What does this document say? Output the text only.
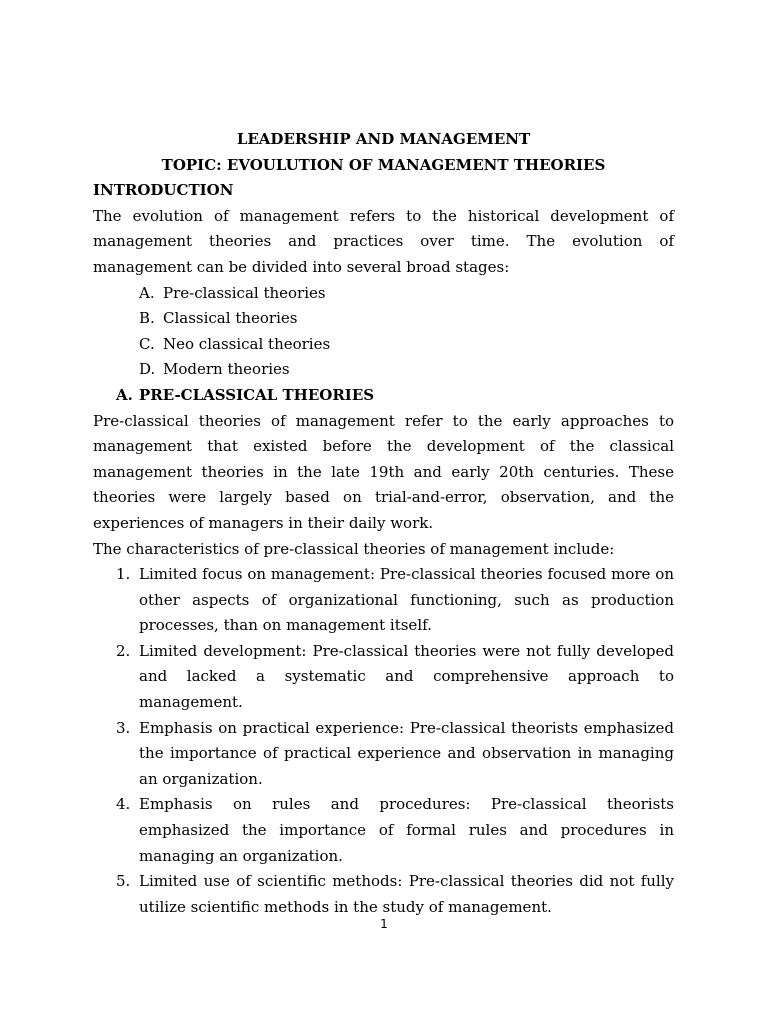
LEADERSHIP AND MANAGEMENT
TOPIC: EVOULUTION OF MANAGEMENT THEORIES
INTRODUCTION

The evolution of management refers to the historical development of management theories and practices over time. The evolution of management can be divided into several broad stages:

A. Pre-classical theories
B. Classical theories
C. Neo classical theories
D. Modern theories
A. PRE-CLASSICAL THEORIES

Pre-classical theories of management refer to the early approaches to management that existed before the development of the classical management theories in the late 19th and early 20th centuries. These theories were largely based on trial-and-error, observation, and the experiences of managers in their daily work.

The characteristics of pre-classical theories of management include:

1. Limited focus on management: Pre-classical theories focused more on other aspects of organizational functioning, such as production processes, than on management itself.
2. Limited development: Pre-classical theories were not fully developed and lacked a systematic and comprehensive approach to management.
3. Emphasis on practical experience: Pre-classical theorists emphasized the importance of practical experience and observation in managing an organization.
4. Emphasis on rules and procedures: Pre-classical theorists emphasized the importance of formal rules and procedures in managing an organization.
5. Limited use of scientific methods: Pre-classical theories did not fully utilize scientific methods in the study of management.
1
